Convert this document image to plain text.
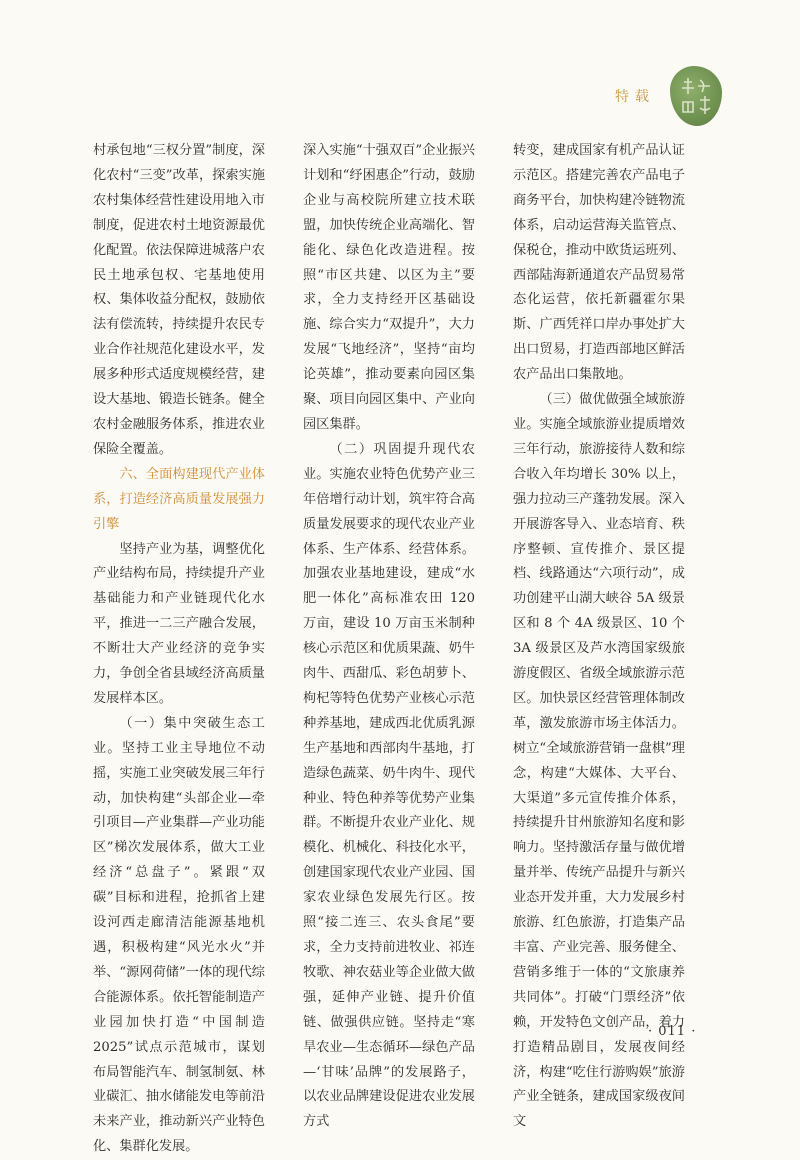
特载

村承包地“三权分置”制度，深化农村“三变”改革，探索实施农村集体经营性建设用地入市制度，促进农村土地资源最优化配置。依法保障进城落户农民土地承包权、宅基地使用权、集体收益分配权，鼓励依法有偿流转，持续提升农民专业合作社规范化建设水平，发展多种形式适度规模经营，建设大基地、锻造长链条。健全农村金融服务体系，推进农业保险全覆盖。

六、全面构建现代产业体系，打造经济高质量发展强力引擎

坚持产业为基，调整优化产业结构布局，持续提升产业基础能力和产业链现代化水平，推进一二三产融合发展，不断壮大产业经济的竞争实力，争创全省县域经济高质量发展样本区。

（一）集中突破生态工业。坚持工业主导地位不动摇，实施工业突破发展三年行动，加快构建“头部企业—牵引项目—产业集群—产业功能区”梯次发展体系，做大工业经济“总盘子”。紧跟“双碳”目标和进程，抢抓省上建设河西走廊清洁能源基地机遇，积极构建“风光水火”并举、“源网荷储”一体的现代综合能源体系。依托智能制造产业园加快打造“中国制造 2025”试点示范城市，谋划布局智能汽车、制氢制氨、林业碳汇、抽水储能发电等前沿未来产业，推动新兴产业特色化、集群化发展。

深入实施“十强双百”企业振兴计划和“纾困惠企”行动，鼓励企业与高校院所建立技术联盟，加快传统企业高端化、智能化、绿色化改造进程。按照“市区共建、以区为主”要求，全力支持经开区基础设施、综合实力“双提升”，大力发展“飞地经济”，坚持“亩均论英雄”，推动要素向园区集聚、项目向园区集中、产业向园区集群。

（二）巩固提升现代农业。实施农业特色优势产业三年倍增行动计划，筑牢符合高质量发展要求的现代农业产业体系、生产体系、经营体系。加强农业基地建设，建成“水肥一体化”高标准农田 120 万亩，建设 10 万亩玉米制种核心示范区和优质果蔬、奶牛肉牛、西甜瓜、彩色胡萝卜、枸杞等特色优势产业核心示范种养基地，建成西北优质乳源生产基地和西部肉牛基地，打造绿色蔬菜、奶牛肉牛、现代种业、特色种养等优势产业集群。不断提升农业产业化、规模化、机械化、科技化水平，创建国家现代农业产业园、国家农业绿色发展先行区。按照“接二连三、农头食尾”要求，全力支持前进牧业、祁连牧歌、神农菇业等企业做大做强，延伸产业链、提升价值链、做强供应链。坚持走“寒旱农业—生态循环—绿色产品—‘甘味’品牌”的发展路子，以农业品牌建设促进农业发展方式

转变，建成国家有机产品认证示范区。搭建完善农产品电子商务平台，加快构建冷链物流体系，启动运营海关监管点、保税仓，推动中欧货运班列、西部陆海新通道农产品贸易常态化运营，依托新疆霍尔果斯、广西凭祥口岸办事处扩大出口贸易，打造西部地区鲜活农产品出口集散地。

（三）做优做强全域旅游业。实施全域旅游业提质增效三年行动，旅游接待人数和综合收入年均增长 30% 以上，强力拉动三产蓬勃发展。深入开展游客导入、业态培育、秩序整顿、宣传推介、景区提档、线路通达“六项行动”，成功创建平山湖大峡谷 5A 级景区和 8 个 4A 级景区、10 个 3A 级景区及芦水湾国家级旅游度假区、省级全域旅游示范区。加快景区经营管理体制改革，激发旅游市场主体活力。树立“全域旅游营销一盘棋”理念，构建“大媒体、大平台、大渠道”多元宣传推介体系，持续提升甘州旅游知名度和影响力。坚持激活存量与做优增量并举、传统产品提升与新兴业态开发并重，大力发展乡村旅游、红色旅游，打造集产品丰富、产业完善、服务健全、营销多维于一体的“文旅康养共同体”。打破“门票经济”依赖，开发特色文创产品，着力打造精品剧目，发展夜间经济，构建“吃住行游购娱”旅游产业全链条，建成国家级夜间文

· 011 ·
